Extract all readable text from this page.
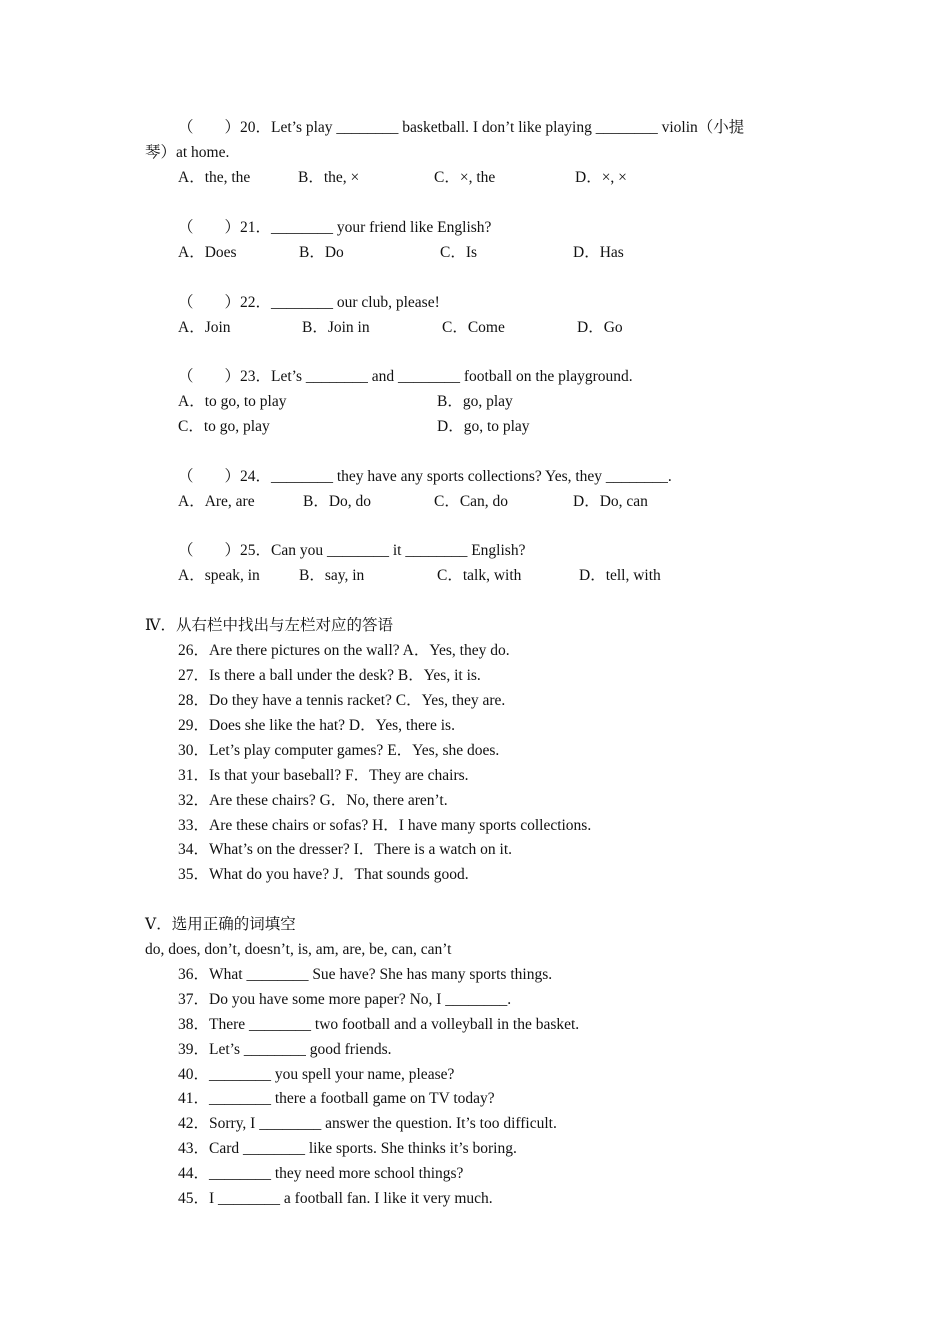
（　　）20．Let’s play ________ basketball. I don’t like playing ________ violin（小提
琴）at home.
A．the, the	B．the, ×	C．×, the	D．×, ×
（　　）21．________ your friend like English?
A．Does	B．Do	C．Is	D．Has
（　　）22．________ our club, please!
A．Join	B．Join in	C．Come	D．Go
（　　）23．Let’s ________ and ________ football on the playground.
A．to go, to play	B．go, play
C．to go, play	D．go, to play
（　　）24．________ they have any sports collections? Yes, they ________.
A．Are, are	B．Do, do	C．Can, do	D．Do, can
（　　）25．Can you ________ it ________ English?
A．speak, in	B．say, in	C．talk, with	D．tell, with
Ⅳ．从右栏中找出与左栏对应的答语
26．Are there pictures on the wall? A．Yes, they do.
27．Is there a ball under the desk? B．Yes, it is.
28．Do they have a tennis racket? C．Yes, they are.
29．Does she like the hat? D．Yes, there is.
30．Let’s play computer games? E．Yes, she does.
31．Is that your baseball? F．They are chairs.
32．Are these chairs? G．No, there aren’t.
33．Are these chairs or sofas? H．I have many sports collections.
34．What’s on the dresser? I．There is a watch on it.
35．What do you have? J．That sounds good.
Ⅴ．选用正确的词填空
do, does, don’t, doesn’t, is, am, are, be, can, can’t
36．What ________ Sue have? She has many sports things.
37．Do you have some more paper? No, I ________.
38．There ________ two football and a volleyball in the basket.
39．Let’s ________ good friends.
40．________ you spell your name, please?
41．________ there a football game on TV today?
42．Sorry, I ________ answer the question. It’s too difficult.
43．Card ________ like sports. She thinks it’s boring.
44．________ they need more school things?
45．I ________ a football fan. I like it very much.
